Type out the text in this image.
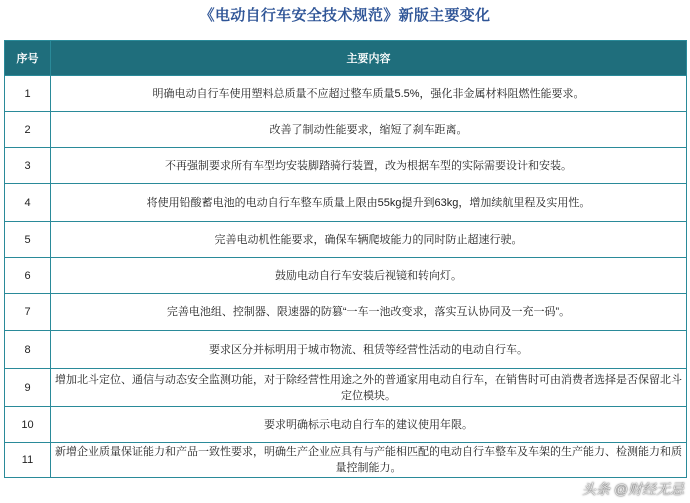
《电动自行车安全技术规范》新版主要变化
序号	主要内容
1	明确电动自行车使用塑料总质量不应超过整车质量5.5%，强化非金属材料阻燃性能要求。
2	改善了制动性能要求，缩短了刹车距离。
3	不再强制要求所有车型均安装脚踏骑行装置，改为根据车型的实际需要设计和安装。
4	将使用铅酸蓄电池的电动自行车整车质量上限由55kg提升到63kg，增加续航里程及实用性。
5	完善电动机性能要求，确保车辆爬坡能力的同时防止超速行驶。
6	鼓励电动自行车安装后视镜和转向灯。
7	完善电池组、控制器、限速器的防篡“一车一池改变求，落实互认协同及一充一码”。
8	要求区分并标明用于城市物流、租赁等经营性活动的电动自行车。
9	增加北斗定位、通信与动态安全监测功能，对于除经营性用途之外的普通家用电动自行车，在销售时可由消费者选择是否保留北斗定位模块。
10	要求明确标示电动自行车的建议使用年限。
11	新增企业质量保证能力和产品一致性要求，明确生产企业应具有与产能相匹配的电动自行车整车及车架的生产能力、检测能力和质量控制能力。
头条 @财经无忌
